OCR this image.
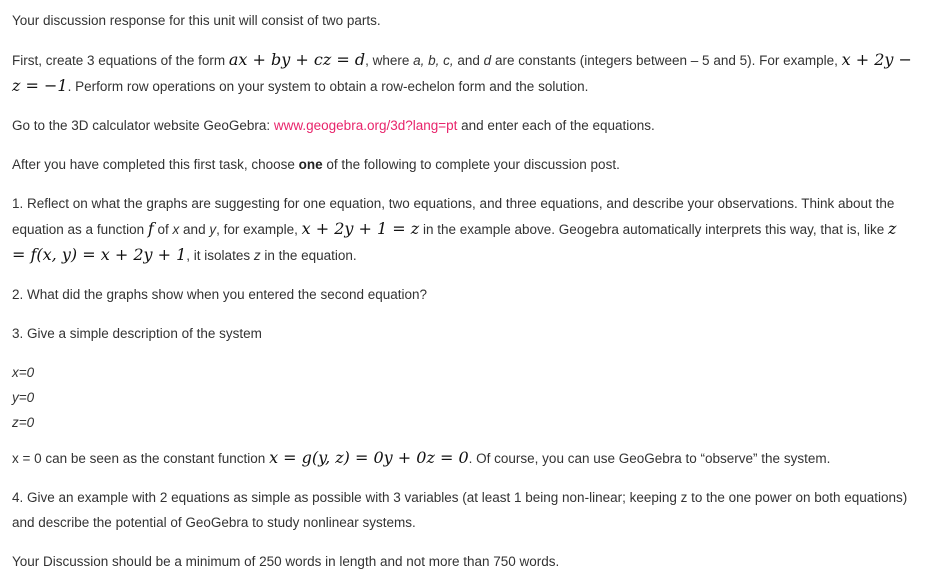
Your discussion response for this unit will consist of two parts.

First, create 3 equations of the form ax + by + cz = d, where a, b, c, and d are constants (integers between – 5 and 5). For example, x + 2y − z = −1. Perform row operations on your system to obtain a row-echelon form and the solution.

Go to the 3D calculator website GeoGebra: www.geogebra.org/3d?lang=pt and enter each of the equations.

After you have completed this first task, choose one of the following to complete your discussion post.

1. Reflect on what the graphs are suggesting for one equation, two equations, and three equations, and describe your observations. Think about the equation as a function f of x and y, for example, x + 2y + 1 = z in the example above. Geogebra automatically interprets this way, that is, like z = f(x, y) = x + 2y + 1, it isolates z in the equation.

2. What did the graphs show when you entered the second equation?

3. Give a simple description of the system

x=0

y=0

z=0

x = 0 can be seen as the constant function x = g(y, z) = 0y + 0z = 0. Of course, you can use GeoGebra to “observe” the system.

4. Give an example with 2 equations as simple as possible with 3 variables (at least 1 being non-linear; keeping z to the one power on both equations) and describe the potential of GeoGebra to study nonlinear systems.

Your Discussion should be a minimum of 250 words in length and not more than 750 words.
